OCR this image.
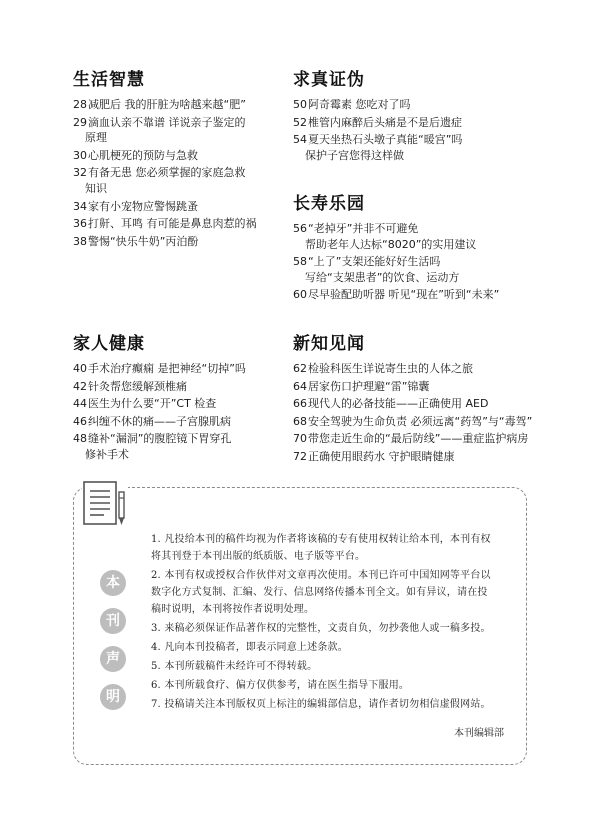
生活智慧
28减肥后 我的肝脏为啥越来越“肥”
29滴血认亲不靠谱 详说亲子鉴定的
原理
30心肌梗死的预防与急救
32有备无患 您必须掌握的家庭急救
知识
34家有小宠物应警惕跳蚤
36打鼾、耳鸣 有可能是鼻息肉惹的祸
38警惕“快乐牛奶”丙泊酚
求真证伪
50阿奇霉素 您吃对了吗
52椎管内麻醉后头痛是不是后遗症
54夏天坐热石头墩子真能“暖宫”吗
保护子宫您得这样做
长寿乐园
56“老掉牙”并非不可避免
帮助老年人达标“8020”的实用建议
58“上了”支架还能好好生活吗
写给“支架患者”的饮食、运动方
60尽早验配助听器 听见“现在”听到“未来”
家人健康
40手术治疗癫痫 是把神经“切掉”吗
42针灸帮您缓解颈椎痛
44医生为什么要“开”CT 检查
46纠缠不休的痛——子宫腺肌病
48缝补“漏洞”的腹腔镜下胃穿孔
修补手术
新知见闻
62检验科医生详说寄生虫的人体之旅
64居家伤口护理避“雷”锦囊
66现代人的必备技能——正确使用 AED
68安全驾驶为生命负责 必须远离“药驾”与“毒驾”
70带您走近生命的“最后防线”——重症监护病房
72正确使用眼药水 守护眼睛健康
本
刊
声
明
1. 凡投给本刊的稿件均视为作者将该稿的专有使用权转让给本刊，本刊有权将其刊登于本刊出版的纸质版、电子版等平台。
2. 本刊有权或授权合作伙伴对文章再次使用。本刊已许可中国知网等平台以数字化方式复制、汇编、发行、信息网络传播本刊全文。如有异议，请在投稿时说明，本刊将按作者说明处理。
3. 来稿必须保证作品著作权的完整性，文责自负，勿抄袭他人或一稿多投。
4. 凡向本刊投稿者，即表示同意上述条款。
5. 本刊所载稿件未经许可不得转载。
6. 本刊所载食疗、偏方仅供参考，请在医生指导下服用。
7. 投稿请关注本刊版权页上标注的编辑部信息，请作者切勿相信虚假网站。
本刊编辑部
